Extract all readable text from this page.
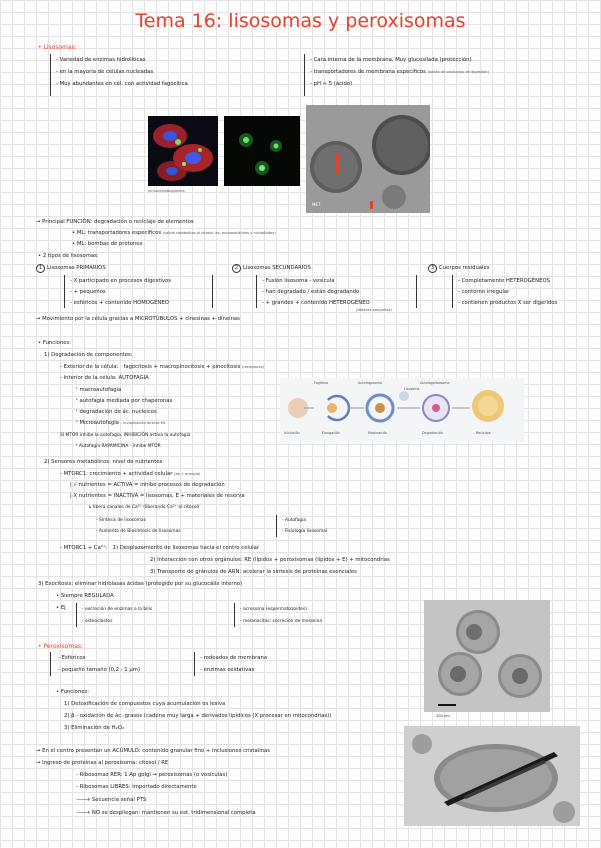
Tema 16: lisosomas y peroxisomas
• Lisosomas:
- Variedad de enzimas hidrolíticas
- en la mayoría de células nucleadas
- Muy abundantes en cél. con actividad fagocítica
- Cara interna de la membrana. Muy glucosilada (protección)
- transportadores de membrana específicos (salida de productos de digestión)
- pH ≈ 5 (ácido)
Inmunohistoquímica
MET
→ Principal FUNCIÓN: degradación o reciclaje de elementos
• ML: transportadores específicos (salida catabolitos al citosol: aa, monosacáridos y nucleótidos)
• ML: bombas de protones
• 2 tipos de lisosomas:
1 Lisosomas PRIMARIOS
- X participado en procesos digestivos
- + pequeños
- esféricos + contenido HOMOGÉNEO
2 Lisosomas SECUNDARIOS
- Fusión lisosoma - vesícula
- han degradado / están degradando
- + grandes + contenido HETEROGÉNEO
(detalles pequeños)
3 Cuerpos residuales
- Completamente HETEROGÉNEOS
- contorno irregular
- contienen productos X ser digeridos
→ Movimiento por la célula gracias a MICROTÚBULOS + cinesinas + dineínas
• Funciones:
1) Degradación de componentes:
- Exterior de la célula: fagocitosis + macropinocitosis + pinocitosis (receptores)
- Interior de la célula: AUTOFAGIA
ᴸ macroautofagia
ᴸ autofagia mediada por chaperonas
ᴸ degradación de ác. nucleicos
ᴸ Microautofagia - invaginación directa ML
SI MTOR inhibe la autofagia, INHIBICIÓN activa la autofagia
ᴸ Autofagia RAPAMICINA - inhibe MTOR
Fagóforo	Autofagosoma
Lisosoma
Autofagolisosoma
Iniciación	Elongación	Maduración	Degradación	Reciclaje
2) Sensores metabólicos: nivel de nutrientes
- MTORC1: crecimiento + actividad celular (aa + energía)
| √ nutrientes = ACTIVA = inhibe procesos de degradación
| X nutrientes = INACTIVA = lisosomas, E + materiales de reserva
↳ libera canales de Ca²⁺ (liberando Ca²⁺ al citosol)
- Síntesis de lisosomas
- Aumento de Biosíntesis de lisosomas
- Autofagia
- Fisiología lisosomal
- MTORC1 + Ca²⁺: 1) Desplazamiento de lisosomas hacia el centro celular
2) Interacción con otros orgánulos: RE (lípidos + peroxisomas (lípidos + E) + mitocondrias
3) Transporte de gránulos de ARN: acelerar la síntesis de proteínas esenciales
3) Exocitosis: eliminar hidrolasas ácidas (protegido por su glucocálix interno)
• Siempre REGULADA
• Ej	- excreción de enzimas a la bilis
- osteoclastos
- acrosoma (espermatozoides)
- melanocitos: secreción de melanina
200 nm
• Peroxisomas:
- Esféricos
- pequeño tamaño (0,2 - 1 µm)
- rodeados de membrana
- enzimas oxidativas
• Funciones:
1) Detoxificación de compuestos cuya acumulación es lesiva
2) β - oxidación de ác. grasos (cadena muy larga + derivados lipídicos (X procesar en mitocondrias))
3) Eliminación de H₂O₂
→ En el centro presentan un ACÚMULO: contenido granular fino + inclusiones cristalinas
→ Ingreso de proteínas al peroxisoma: citosol / RE
- Ribosomas RER: 1 Ap golgi → peroxisomas (o vesículas)
- Ribosomas LIBRES: importado directamente
🡒 Secuencia señal PTS
🡒 NO se despliegan: mantienen su est. tridimensional completa
